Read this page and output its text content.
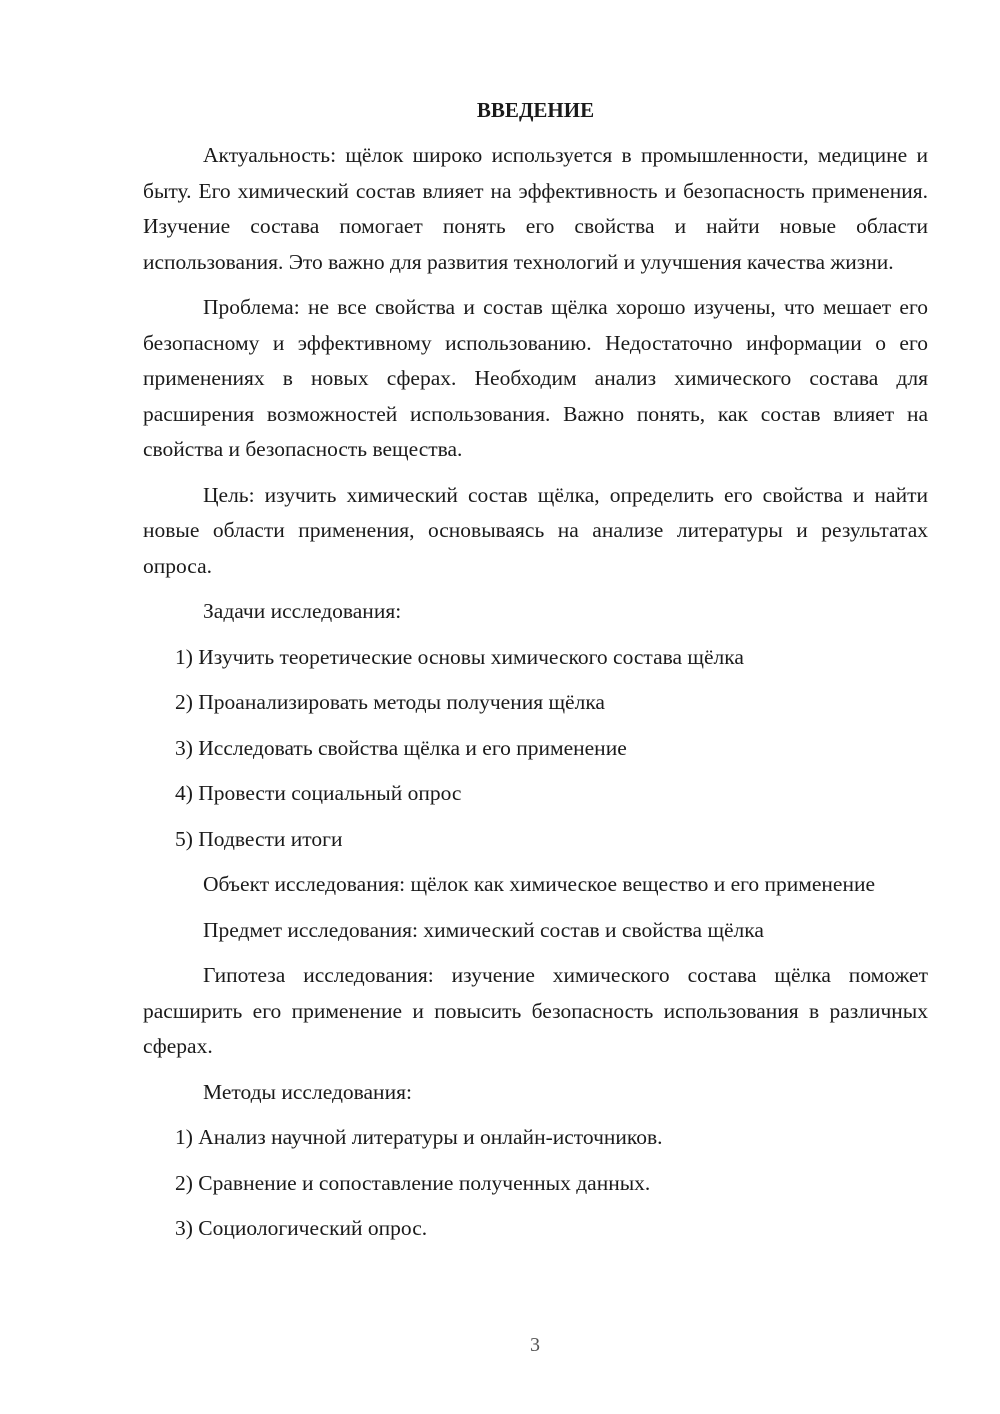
ВВЕДЕНИЕ

Актуальность: щёлок широко используется в промышленности, медицине и быту. Его химический состав влияет на эффективность и безопасность применения. Изучение состава помогает понять его свойства и найти новые области использования. Это важно для развития технологий и улучшения качества жизни.

Проблема: не все свойства и состав щёлка хорошо изучены, что мешает его безопасному и эффективному использованию. Недостаточно информации о его применениях в новых сферах. Необходим анализ химического состава для расширения возможностей использования. Важно понять, как состав влияет на свойства и безопасность вещества.

Цель: изучить химический состав щёлка, определить его свойства и найти новые области применения, основываясь на анализе литературы и результатах опроса.

Задачи исследования:

1) Изучить теоретические основы химического состава щёлка
2) Проанализировать методы получения щёлка
3) Исследовать свойства щёлка и его применение
4) Провести социальный опрос
5) Подвести итоги

Объект исследования: щёлок как химическое вещество и его применение

Предмет исследования: химический состав и свойства щёлка

Гипотеза исследования: изучение химического состава щёлка поможет расширить его применение и повысить безопасность использования в различных сферах.

Методы исследования:

1) Анализ научной литературы и онлайн-источников.
2) Сравнение и сопоставление полученных данных.
3) Социологический опрос.
3
